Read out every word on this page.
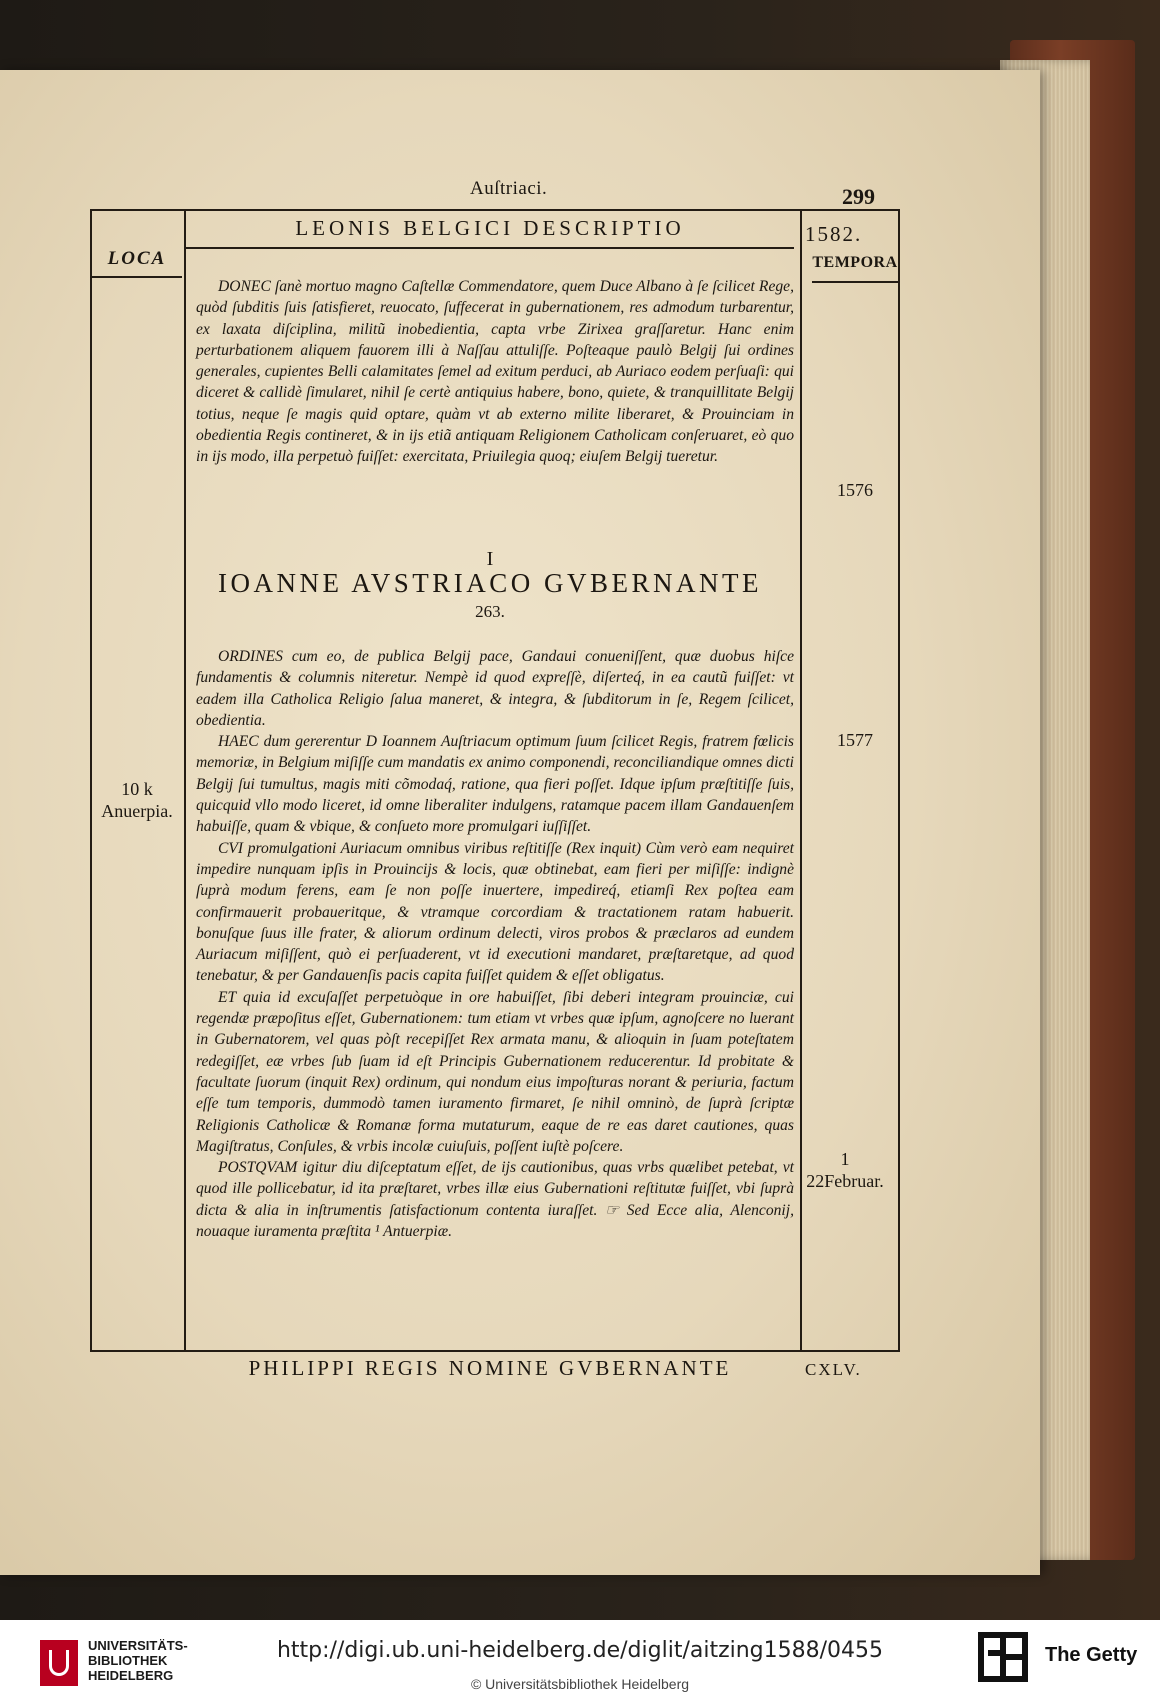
Auſtriaci.	299
LEONIS BELGICI DESCRIPTIO	1582.
LOCA	TEMPORA

DONEC ſanè mortuo magno Caſtellæ Commendatore, quem Duce Albano à ſe ſcilicet Rege, quòd ſubditis ſuis ſatisfieret, reuocato, ſuffecerat in gubernationem, res admodum turbarentur, ex laxata diſciplina, militũ inobedientia, capta vrbe Zirixea graſſaretur. Hanc enim perturbationem aliquem fauorem illi à Naſſau attuliſſe. Poſteaque paulò Belgij ſui ordines generales, cupientes Belli calamitates ſemel ad exitum perduci, ab Auriaco eodem perſuaſi: qui diceret & callidè ſimularet, nihil ſe certè antiquius habere, bono, quiete, & tranquillitate Belgij totius, neque ſe magis quid optare, quàm vt ab externo milite liberaret, & Prouinciam in obedientia Regis contineret, & in ijs etiã antiquam Religionem Catholicam conſeruaret, eò quo in ijs modo, illa perpetuò fuiſſet: exercitata, Priuilegia quoq; eiuſem Belgij tueretur.

I
IOANNE AVSTRIACO GVBERNANTE
263.

ORDINES cum eo, de publica Belgij pace, Gandaui conueniſſent, quæ duobus hiſce fundamentis & columnis niteretur. Nempè id quod expreſſè, diſerteq́, in ea cautũ fuiſſet: vt eadem illa Catholica Religio ſalua maneret, & integra, & ſubditorum in ſe, Regem ſcilicet, obedientia.

HAEC dum gererentur D Ioannem Auſtriacum optimum ſuum ſcilicet Regis, fratrem fœlicis memoriæ, in Belgium miſiſſe cum mandatis ex animo componendi, reconciliandique omnes dicti Belgij ſui tumultus, magis miti cõmodaq́, ratione, qua fieri poſſet. Idque ipſum præſtitiſſe ſuis, quicquid vllo modo liceret, id omne liberaliter indulgens, ratamque pacem illam Gandauenſem habuiſſe, quam & vbique, & conſueto more promulgari iuſſiſſet.

CVI promulgationi Auriacum omnibus viribus reſtitiſſe (Rex inquit) Cùm verò eam nequiret impedire nunquam ipſis in Prouincijs & locis, quæ obtinebat, eam fieri per miſiſſe: indignè ſuprà modum ferens, eam ſe non poſſe inuertere, impedireq́, etiamſi Rex poſtea eam confirmauerit probaueritque, & vtramque corcordiam & tractationem ratam habuerit. bonuſque ſuus ille frater, & aliorum ordinum delecti, viros probos & præclaros ad eundem Auriacum miſiſſent, quò ei perſuaderent, vt id executioni mandaret, præſtaretque, ad quod tenebatur, & per Gandauenſis pacis capita fuiſſet quidem & eſſet obligatus.

ET quia id excuſaſſet perpetuòque in ore habuiſſet, ſibi deberi integram prouinciæ, cui regendæ præpoſitus eſſet, Gubernationem: tum etiam vt vrbes quæ ipſum, agnoſcere no luerant in Gubernatorem, vel quas pòſt recepiſſet Rex armata manu, & alioquin in ſuam poteſtatem redegiſſet, eæ vrbes ſub ſuam id eſt Principis Gubernationem reducerentur. Id probitate & facultate ſuorum (inquit Rex) ordinum, qui nondum eius impoſturas norant & periuria, factum eſſe tum temporis, dummodò tamen iuramento firmaret, ſe nihil omninò, de ſuprà ſcriptæ Religionis Catholicæ & Romanæ forma mutaturum, eaque de re eas daret cautiones, quas Magiſtratus, Conſules, & vrbis incolæ cuiuſuis, poſſent iuſtè poſcere.

POSTQVAM igitur diu diſceptatum eſſet, de ijs cautionibus, quas vrbs quælibet petebat, vt quod ille pollicebatur, id ita præſtaret, vrbes illæ eius Gubernationi reſtitutæ fuiſſet, vbi ſuprà dicta & alia in inſtrumentis ſatisfactionum contenta iuraſſet. ☞ Sed Ecce alia, Alenconij, nouaque iuramenta præſtita ¹ Antuerpiæ.

1576
1577
10 k
Anuerpia.
1
22Februar.
PHILIPPI REGIS NOMINE GVBERNANTE	CXLV.
UNIVERSITÄTS-
BIBLIOTHEK
HEIDELBERG
http://digi.ub.uni-heidelberg.de/diglit/aitzing1588/0455
© Universitätsbibliothek Heidelberg
The Getty
